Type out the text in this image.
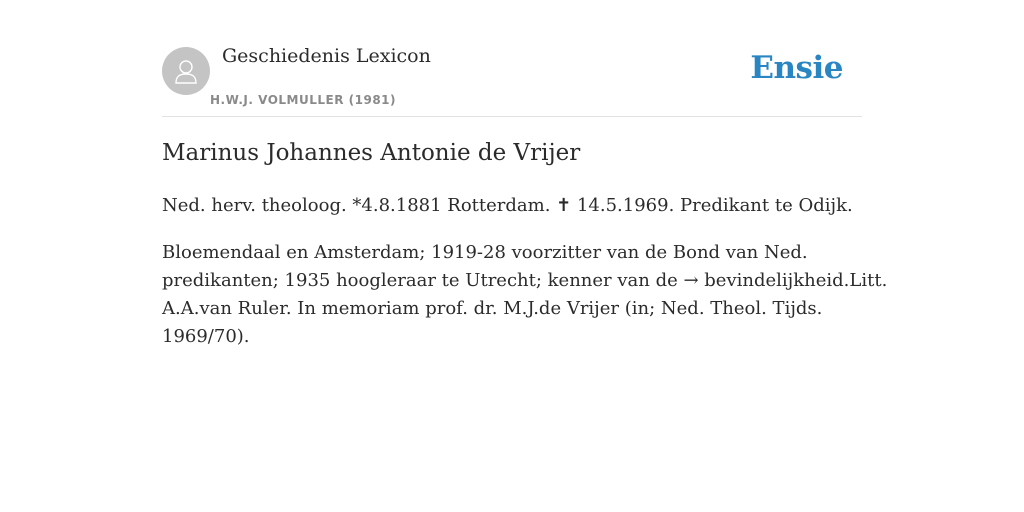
Geschiedenis Lexicon
H.W.J. VOLMULLER (1981)
Ensie
Marinus Johannes Antonie de Vrijer

Ned. herv. theoloog. *4.8.1881 Rotterdam. ✝ 14.5.1969. Predikant te Odijk.

Bloemendaal en Amsterdam; 1919-28 voorzitter van de Bond van Ned.
predikanten; 1935 hoogleraar te Utrecht; kenner van de → bevindelijkheid.Litt.
A.A.van Ruler. In memoriam prof. dr. M.J.de Vrijer (in; Ned. Theol. Tijds.
1969/70).
